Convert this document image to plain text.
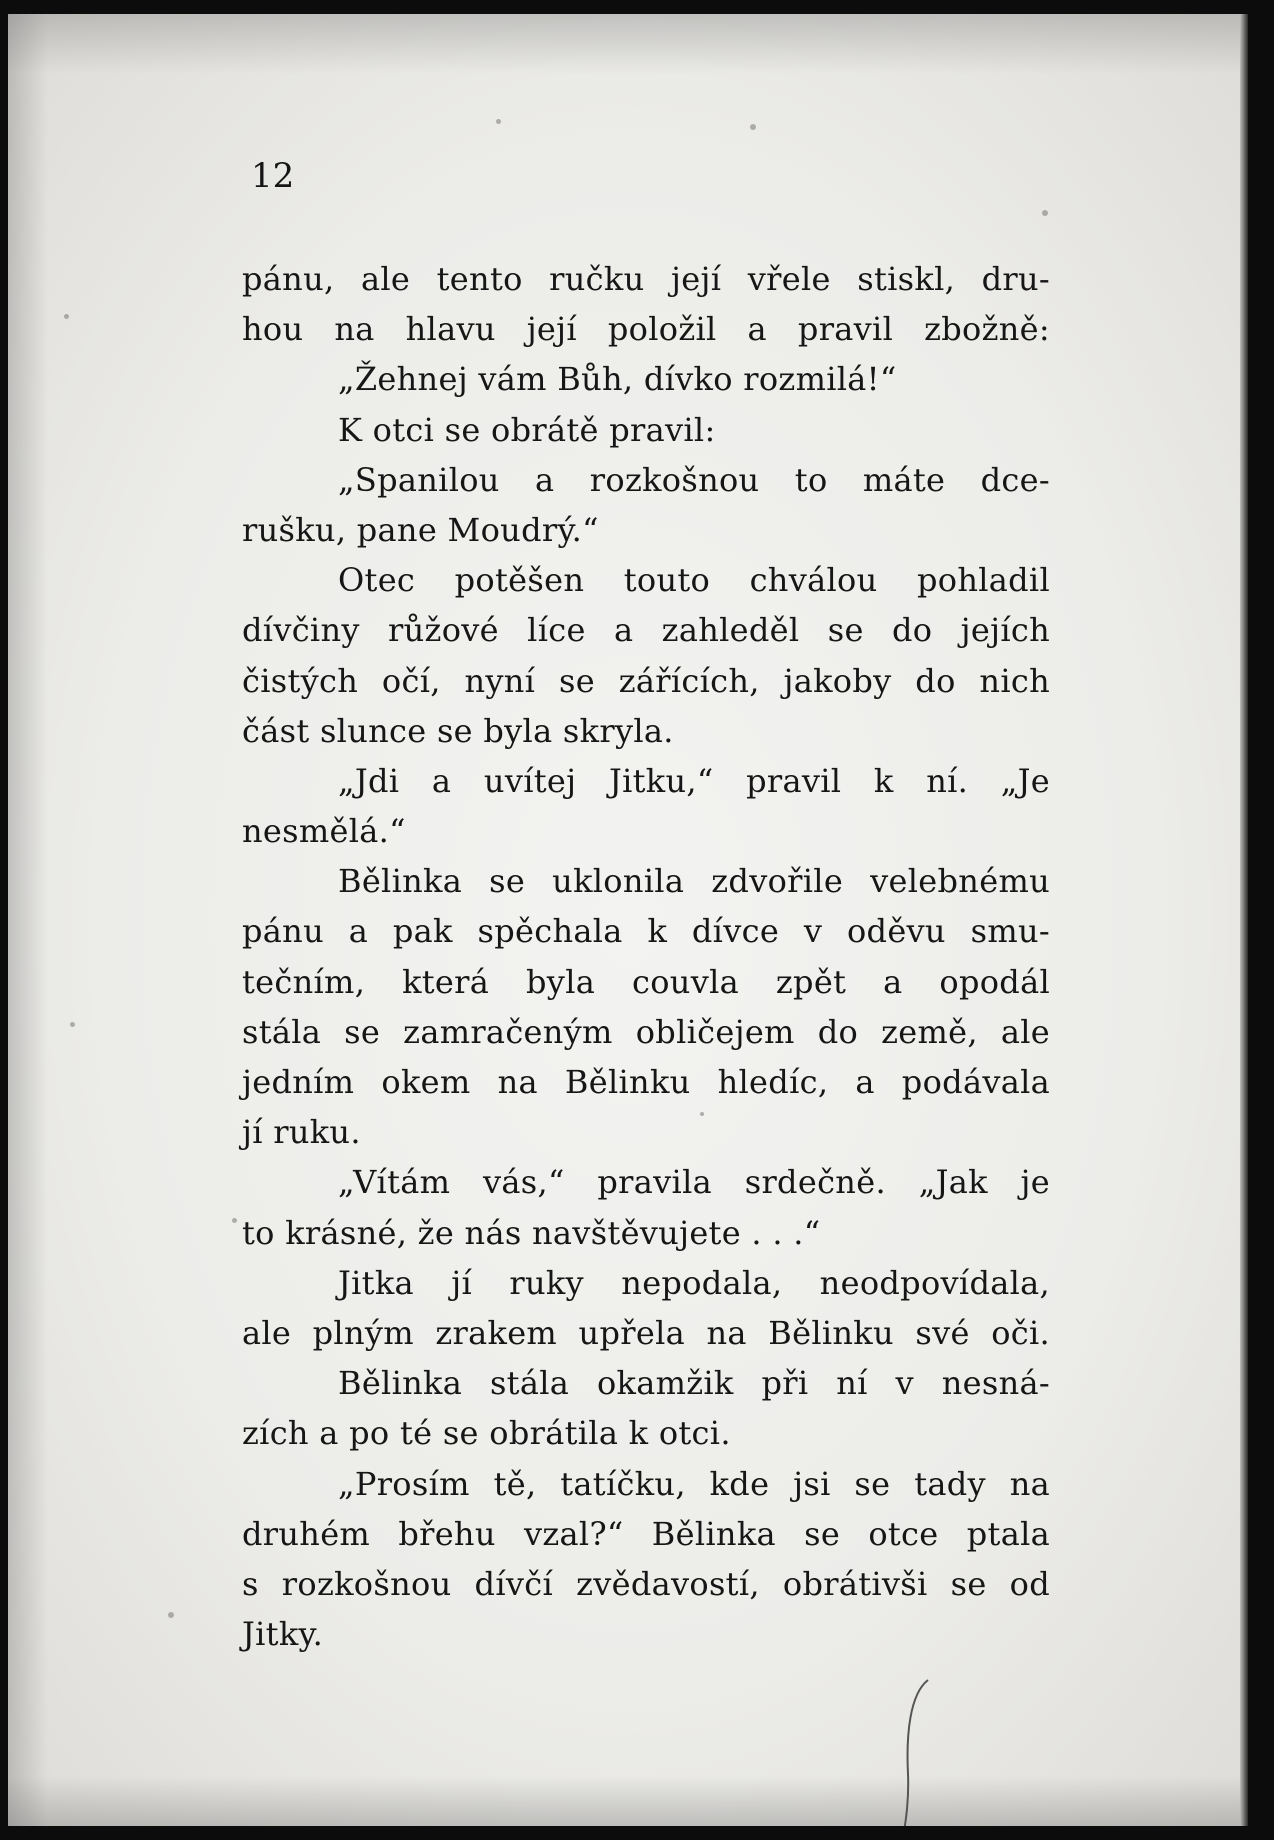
12

pánu, ale tento ručku její vřele stiskl, dru-
hou na hlavu její položil a pravil zbožně:
„Žehnej vám Bůh, dívko rozmilá!“
K otci se obrátě pravil:
„Spanilou a rozkošnou to máte dce-
rušku, pane Moudrý.“
Otec potěšen touto chválou pohladil
dívčiny růžové líce a zahleděl se do jejích
čistých očí, nyní se zářících, jakoby do nich
část slunce se byla skryla.
„Jdi a uvítej Jitku,“ pravil k ní. „Je
nesmělá.“
Bělinka se uklonila zdvořile velebnému
pánu a pak spěchala k dívce v oděvu smu-
tečním, která byla couvla zpět a opodál
stála se zamračeným obličejem do země, ale
jedním okem na Bělinku hledíc, a podávala
jí ruku.
„Vítám vás,“ pravila srdečně. „Jak je
to krásné, že nás navštěvujete . . .“
Jitka jí ruky nepodala, neodpovídala,
ale plným zrakem upřela na Bělinku své oči.
Bělinka stála okamžik při ní v nesná-
zích a po té se obrátila k otci.
„Prosím tě, tatíčku, kde jsi se tady na
druhém břehu vzal?“ Bělinka se otce ptala
s rozkošnou dívčí zvědavostí, obrátivši se od
Jitky.
